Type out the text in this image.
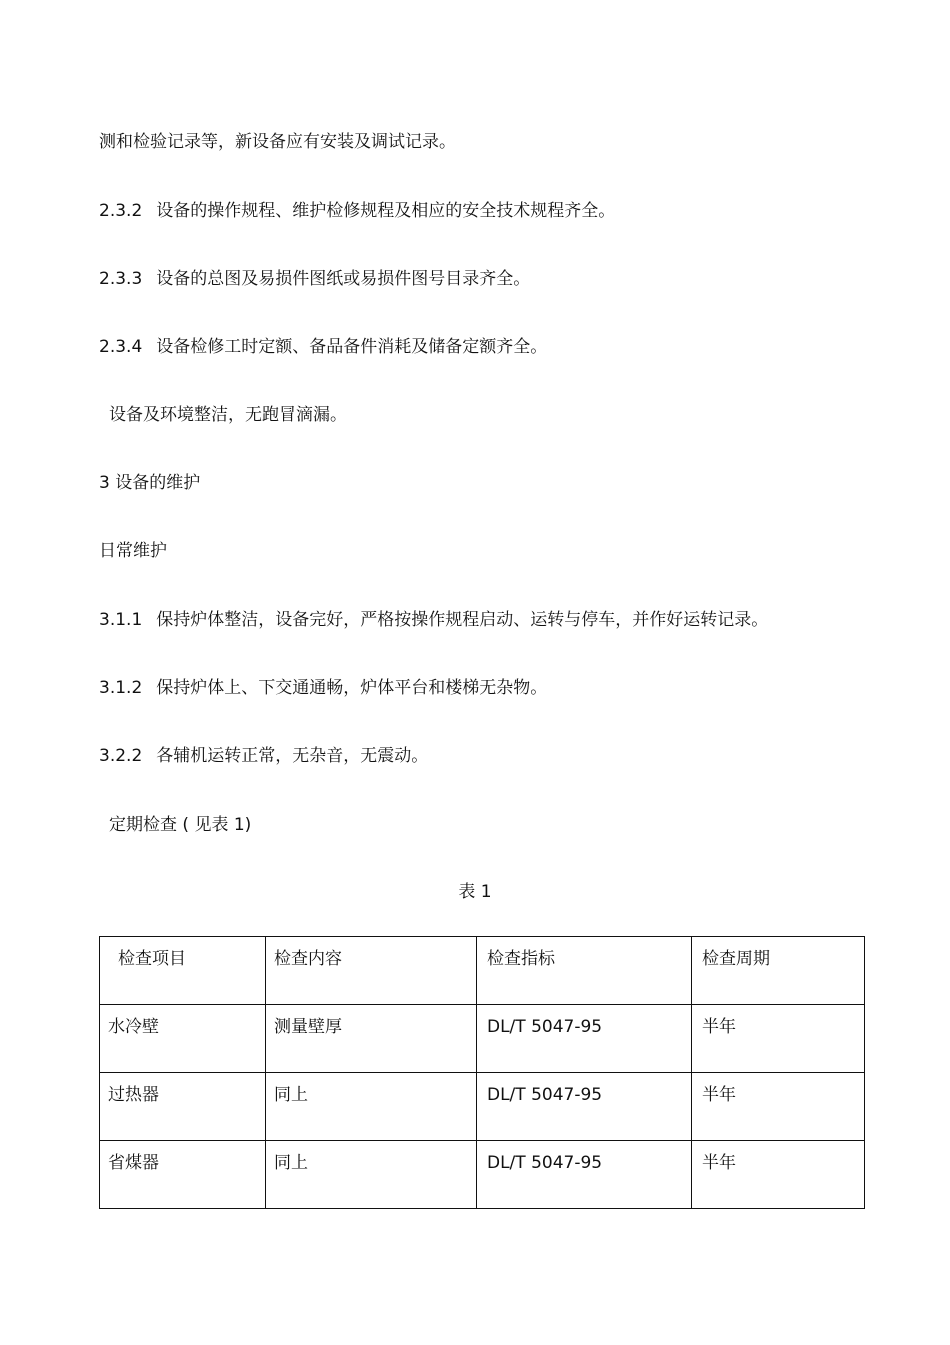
测和检验记录等，新设备应有安装及调试记录。
2.3.2 设备的操作规程、维护检修规程及相应的安全技术规程齐全。
2.3.3 设备的总图及易损件图纸或易损件图号目录齐全。
2.3.4 设备检修工时定额、备品备件消耗及储备定额齐全。
设备及环境整洁，无跑冒滴漏。
3 设备的维护
日常维护
3.1.1 保持炉体整洁，设备完好，严格按操作规程启动、运转与停车，并作好运转记录。
3.1.2 保持炉体上、下交通通畅，炉体平台和楼梯无杂物。
3.2.2 各辅机运转正常，无杂音，无震动。
定期检查 ( 见表 1)
表 1
检查项目	检查内容	检查指标	检查周期
水冷壁	测量壁厚	DL/T 5047-95	半年
过热器	同上	DL/T 5047-95	半年
省煤器	同上	DL/T 5047-95	半年
